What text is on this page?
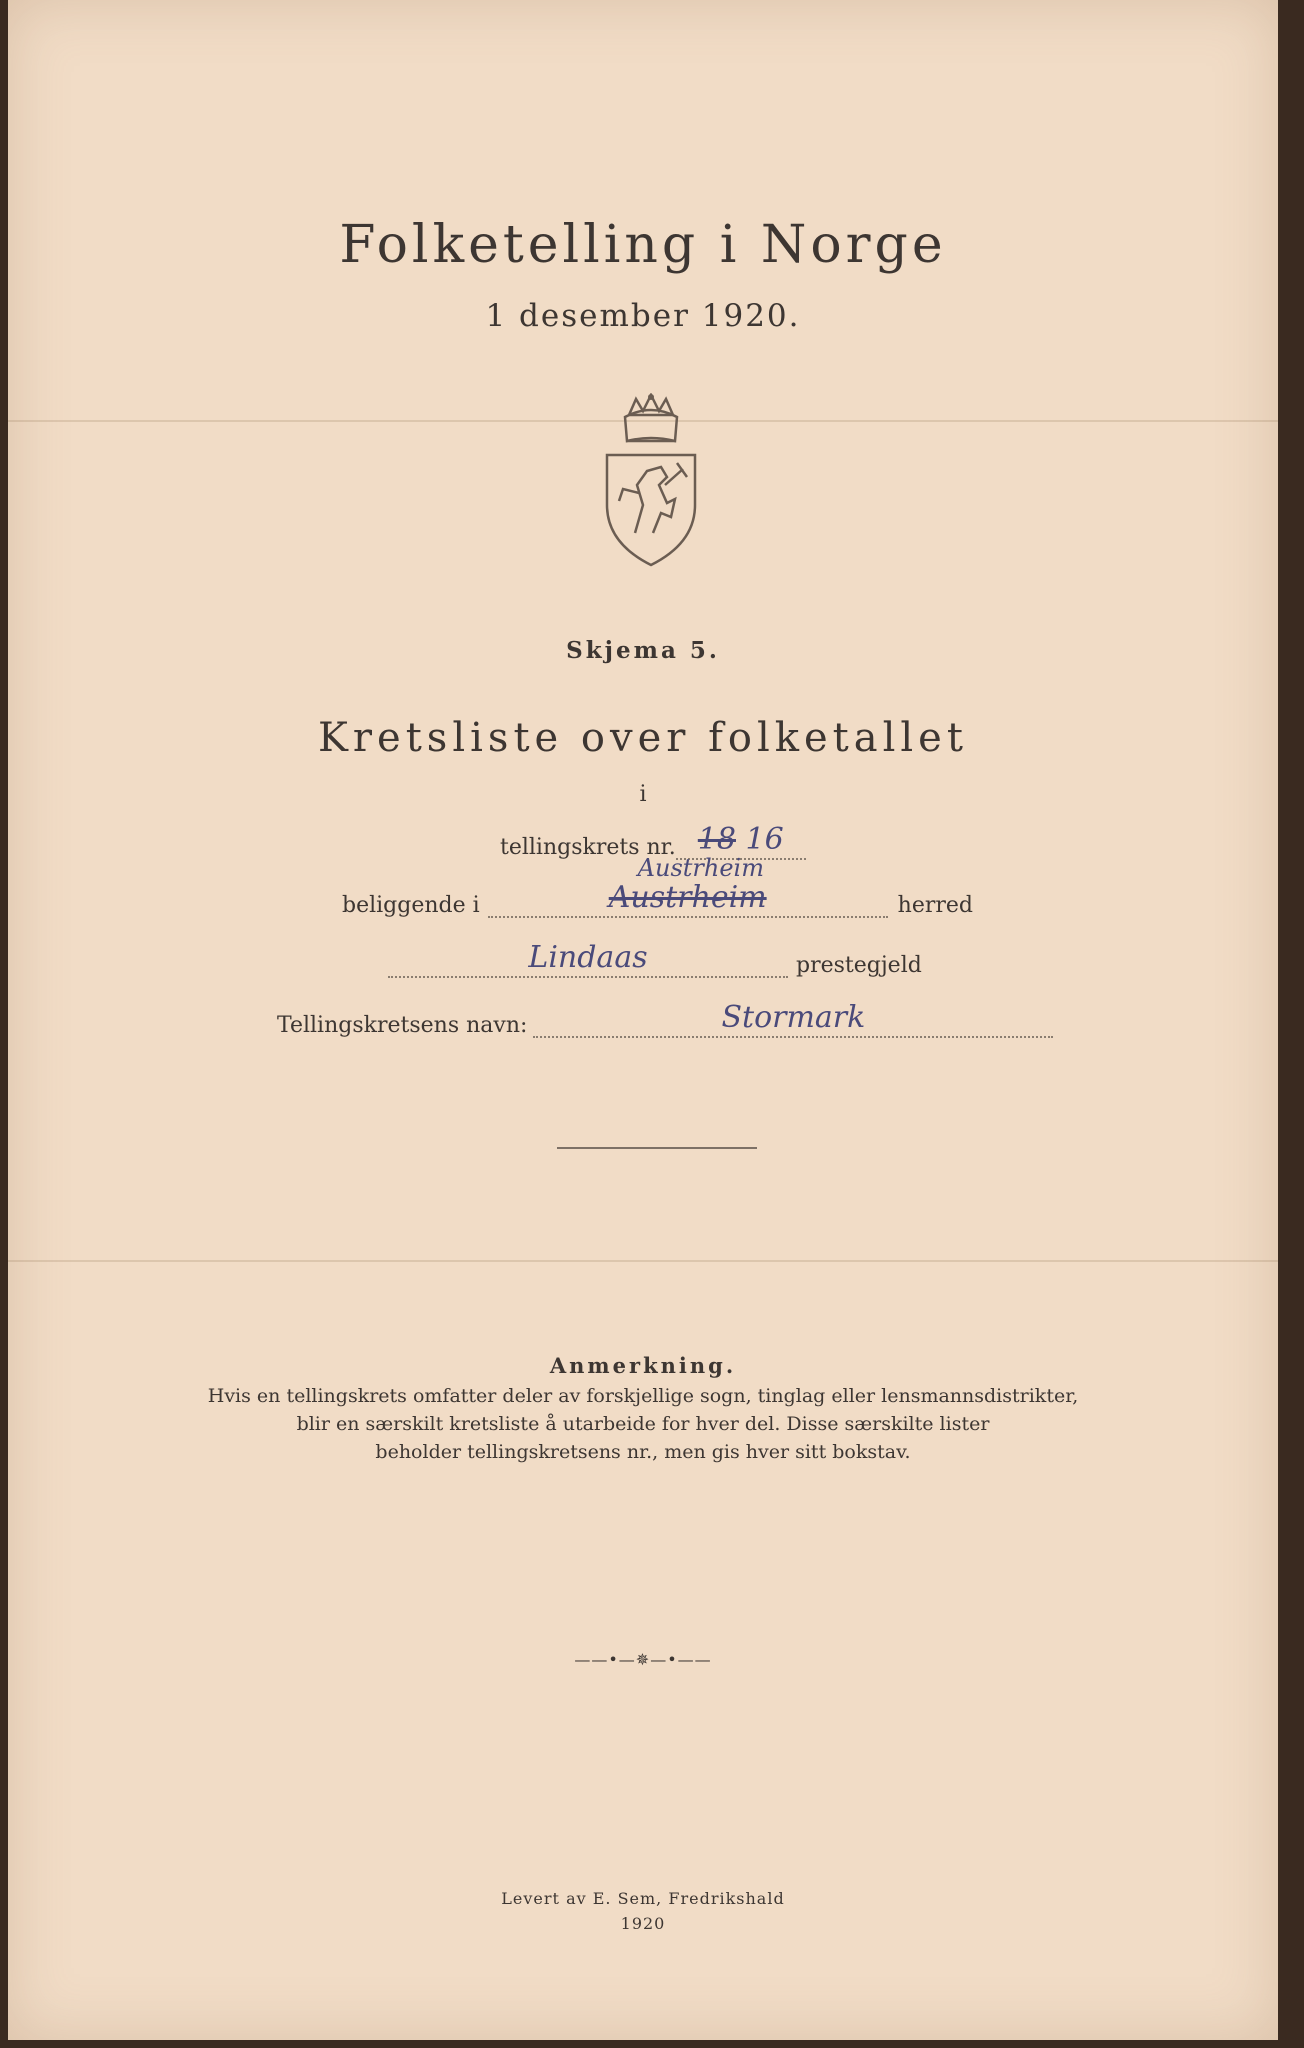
Folketelling i Norge
1 desember 1920.
Skjema 5.
Kretsliste over folketallet
i
tellingskrets nr. 18 16
beliggende i
Austrheim
Austrheim	herred
Lindaas	prestegjeld
Tellingskretsens navn:	Stormark
Anmerkning.
Hvis en tellingskrets omfatter deler av forskjellige sogn, tinglag eller lensmannsdistrikter,
blir en særskilt kretsliste å utarbeide for hver del. Disse særskilte lister
beholder tellingskretsens nr., men gis hver sitt bokstav.
——•—✵—•——
Levert av E. Sem, Fredrikshald
1920
